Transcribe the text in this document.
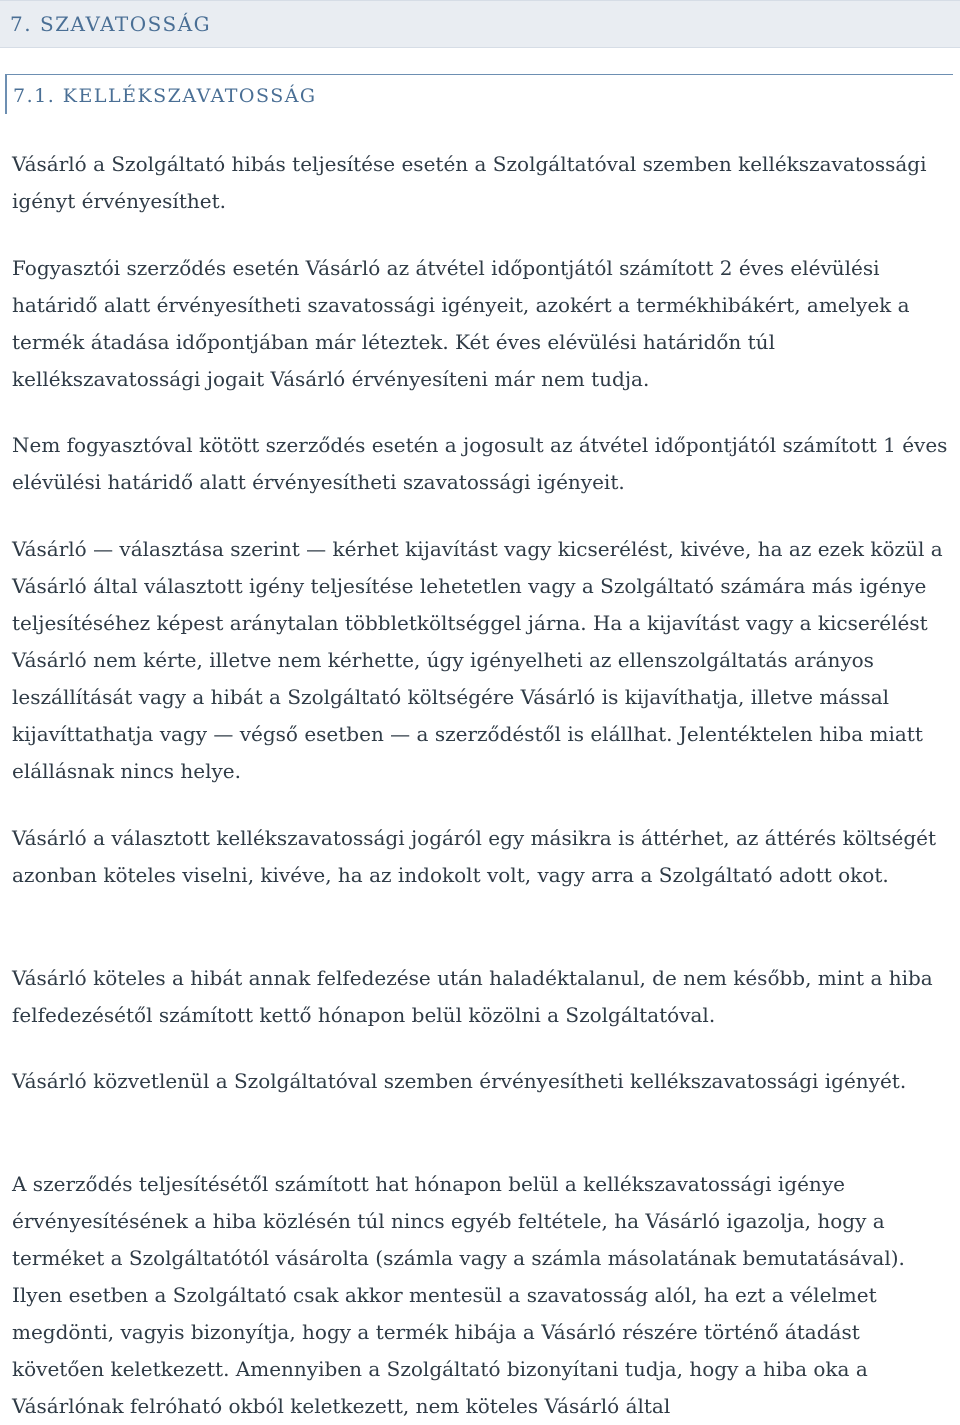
7. SZAVATOSSÁG
7.1. KELLÉKSZAVATOSSÁG

Vásárló a Szolgáltató hibás teljesítése esetén a Szolgáltatóval szemben kellékszavatossági igényt érvényesíthet.

Fogyasztói szerződés esetén Vásárló az átvétel időpontjától számított 2 éves elévülési határidő alatt érvényesítheti szavatossági igényeit, azokért a termékhibákért, amelyek a termék átadása időpontjában már léteztek. Két éves elévülési határidőn túl kellékszavatossági jogait Vásárló érvényesíteni már nem tudja.

Nem fogyasztóval kötött szerződés esetén a jogosult az átvétel időpontjától számított 1 éves elévülési határidő alatt érvényesítheti szavatossági igényeit.

Vásárló — választása szerint — kérhet kijavítást vagy kicserélést, kivéve, ha az ezek közül a Vásárló által választott igény teljesítése lehetetlen vagy a Szolgáltató számára más igénye teljesítéséhez képest aránytalan többletköltséggel járna. Ha a kijavítást vagy a kicserélést Vásárló nem kérte, illetve nem kérhette, úgy igényelheti az ellenszolgáltatás arányos leszállítását vagy a hibát a Szolgáltató költségére Vásárló is kijavíthatja, illetve mással kijavíttathatja vagy — végső esetben — a szerződéstől is elállhat. Jelentéktelen hiba miatt elállásnak nincs helye.

Vásárló a választott kellékszavatossági jogáról egy másikra is áttérhet, az áttérés költségét azonban köteles viselni, kivéve, ha az indokolt volt, vagy arra a Szolgáltató adott okot.

Vásárló köteles a hibát annak felfedezése után haladéktalanul, de nem később, mint a hiba felfedezésétől számított kettő hónapon belül közölni a Szolgáltatóval.

Vásárló közvetlenül a Szolgáltatóval szemben érvényesítheti kellékszavatossági igényét.

A szerződés teljesítésétől számított hat hónapon belül a kellékszavatossági igénye érvényesítésének a hiba közlésén túl nincs egyéb feltétele, ha Vásárló igazolja, hogy a terméket a Szolgáltatótól vásárolta (számla vagy a számla másolatának bemutatásával). Ilyen esetben a Szolgáltató csak akkor mentesül a szavatosság alól, ha ezt a vélelmet megdönti, vagyis bizonyítja, hogy a termék hibája a Vásárló részére történő átadást követően keletkezett. Amennyiben a Szolgáltató bizonyítani tudja, hogy a hiba oka a Vásárlónak felróható okból keletkezett, nem köteles Vásárló által
